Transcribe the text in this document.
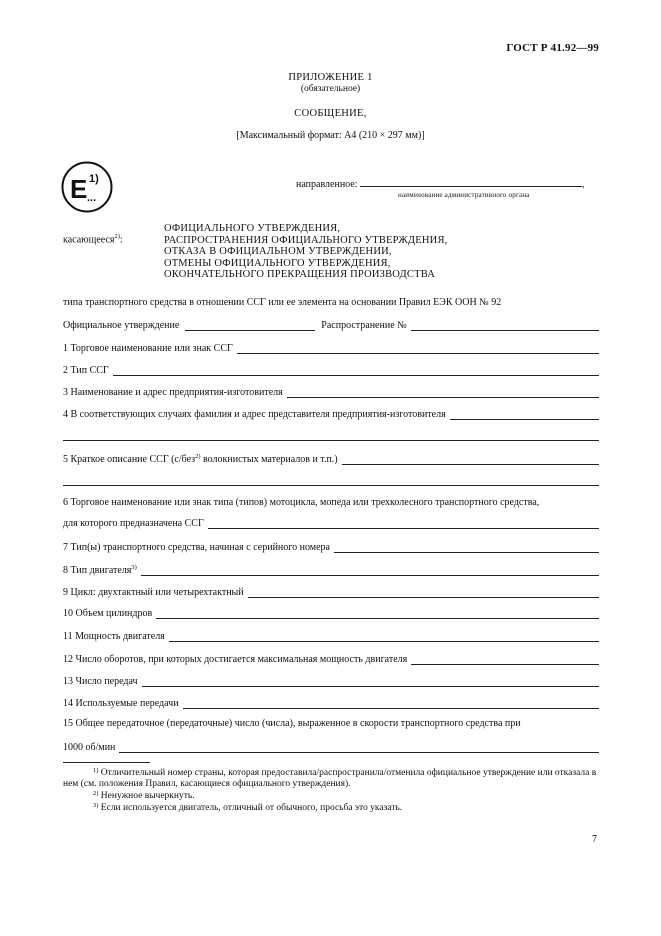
ГОСТ Р 41.92—99
ПРИЛОЖЕНИЕ 1
(обязательное)
СООБЩЕНИЕ,
[Максимальный формат: A4 (210 × 297 мм)]
E 1)
...
направленное:	,
наименование административного органа
касающееся$^{2)}$:
ОФИЦИАЛЬНОГО УТВЕРЖДЕНИЯ,
РАСПРОСТРАНЕНИЯ ОФИЦИАЛЬНОГО УТВЕРЖДЕНИЯ,
ОТКАЗА В ОФИЦИАЛЬНОМ УТВЕРЖДЕНИИ,
ОТМЕНЫ ОФИЦИАЛЬНОГО УТВЕРЖДЕНИЯ,
ОКОНЧАТЕЛЬНОГО ПРЕКРАЩЕНИЯ ПРОИЗВОДСТВА
типа транспортного средства в отношении ССГ или ее элемента на основании Правил ЕЭК ООН № 92
Официальное утверждение	Распространение №
1 Торговое наименование или знак ССГ
2 Тип ССГ
3 Наименование и адрес предприятия-изготовителя
4 В соответствующих случаях фамилия и адрес представителя предприятия-изготовителя
5 Краткое описание ССГ (с/без$^{2)}$ волокнистых материалов и т.п.)
6 Торговое наименование или знак типа (типов) мотоцикла, мопеда или трехколесного транспортного средства,
для которого предназначена ССГ
7 Тип(ы) транспортного средства, начиная с серийного номера
8 Тип двигателя$^{3)}$
9 Цикл: двухтактный или четырехтактный
10 Объем цилиндров
11 Мощность двигателя
12 Число оборотов, при которых достигается максимальная мощность двигателя
13 Число передач
14 Используемые передачи
15 Общее передаточное (передаточные) число (числа), выраженное в скорости транспортного средства при
1000 об/мин
$^{1)}$ Отличительный номер страны, которая предоставила/распространила/отменила официальное утверждение или отказала в нем (см. положения Правил, касающиеся официального утверждения).
$^{2)}$ Ненужное вычеркнуть.
$^{3)}$ Если используется двигатель, отличный от обычного, просьба это указать.
7
